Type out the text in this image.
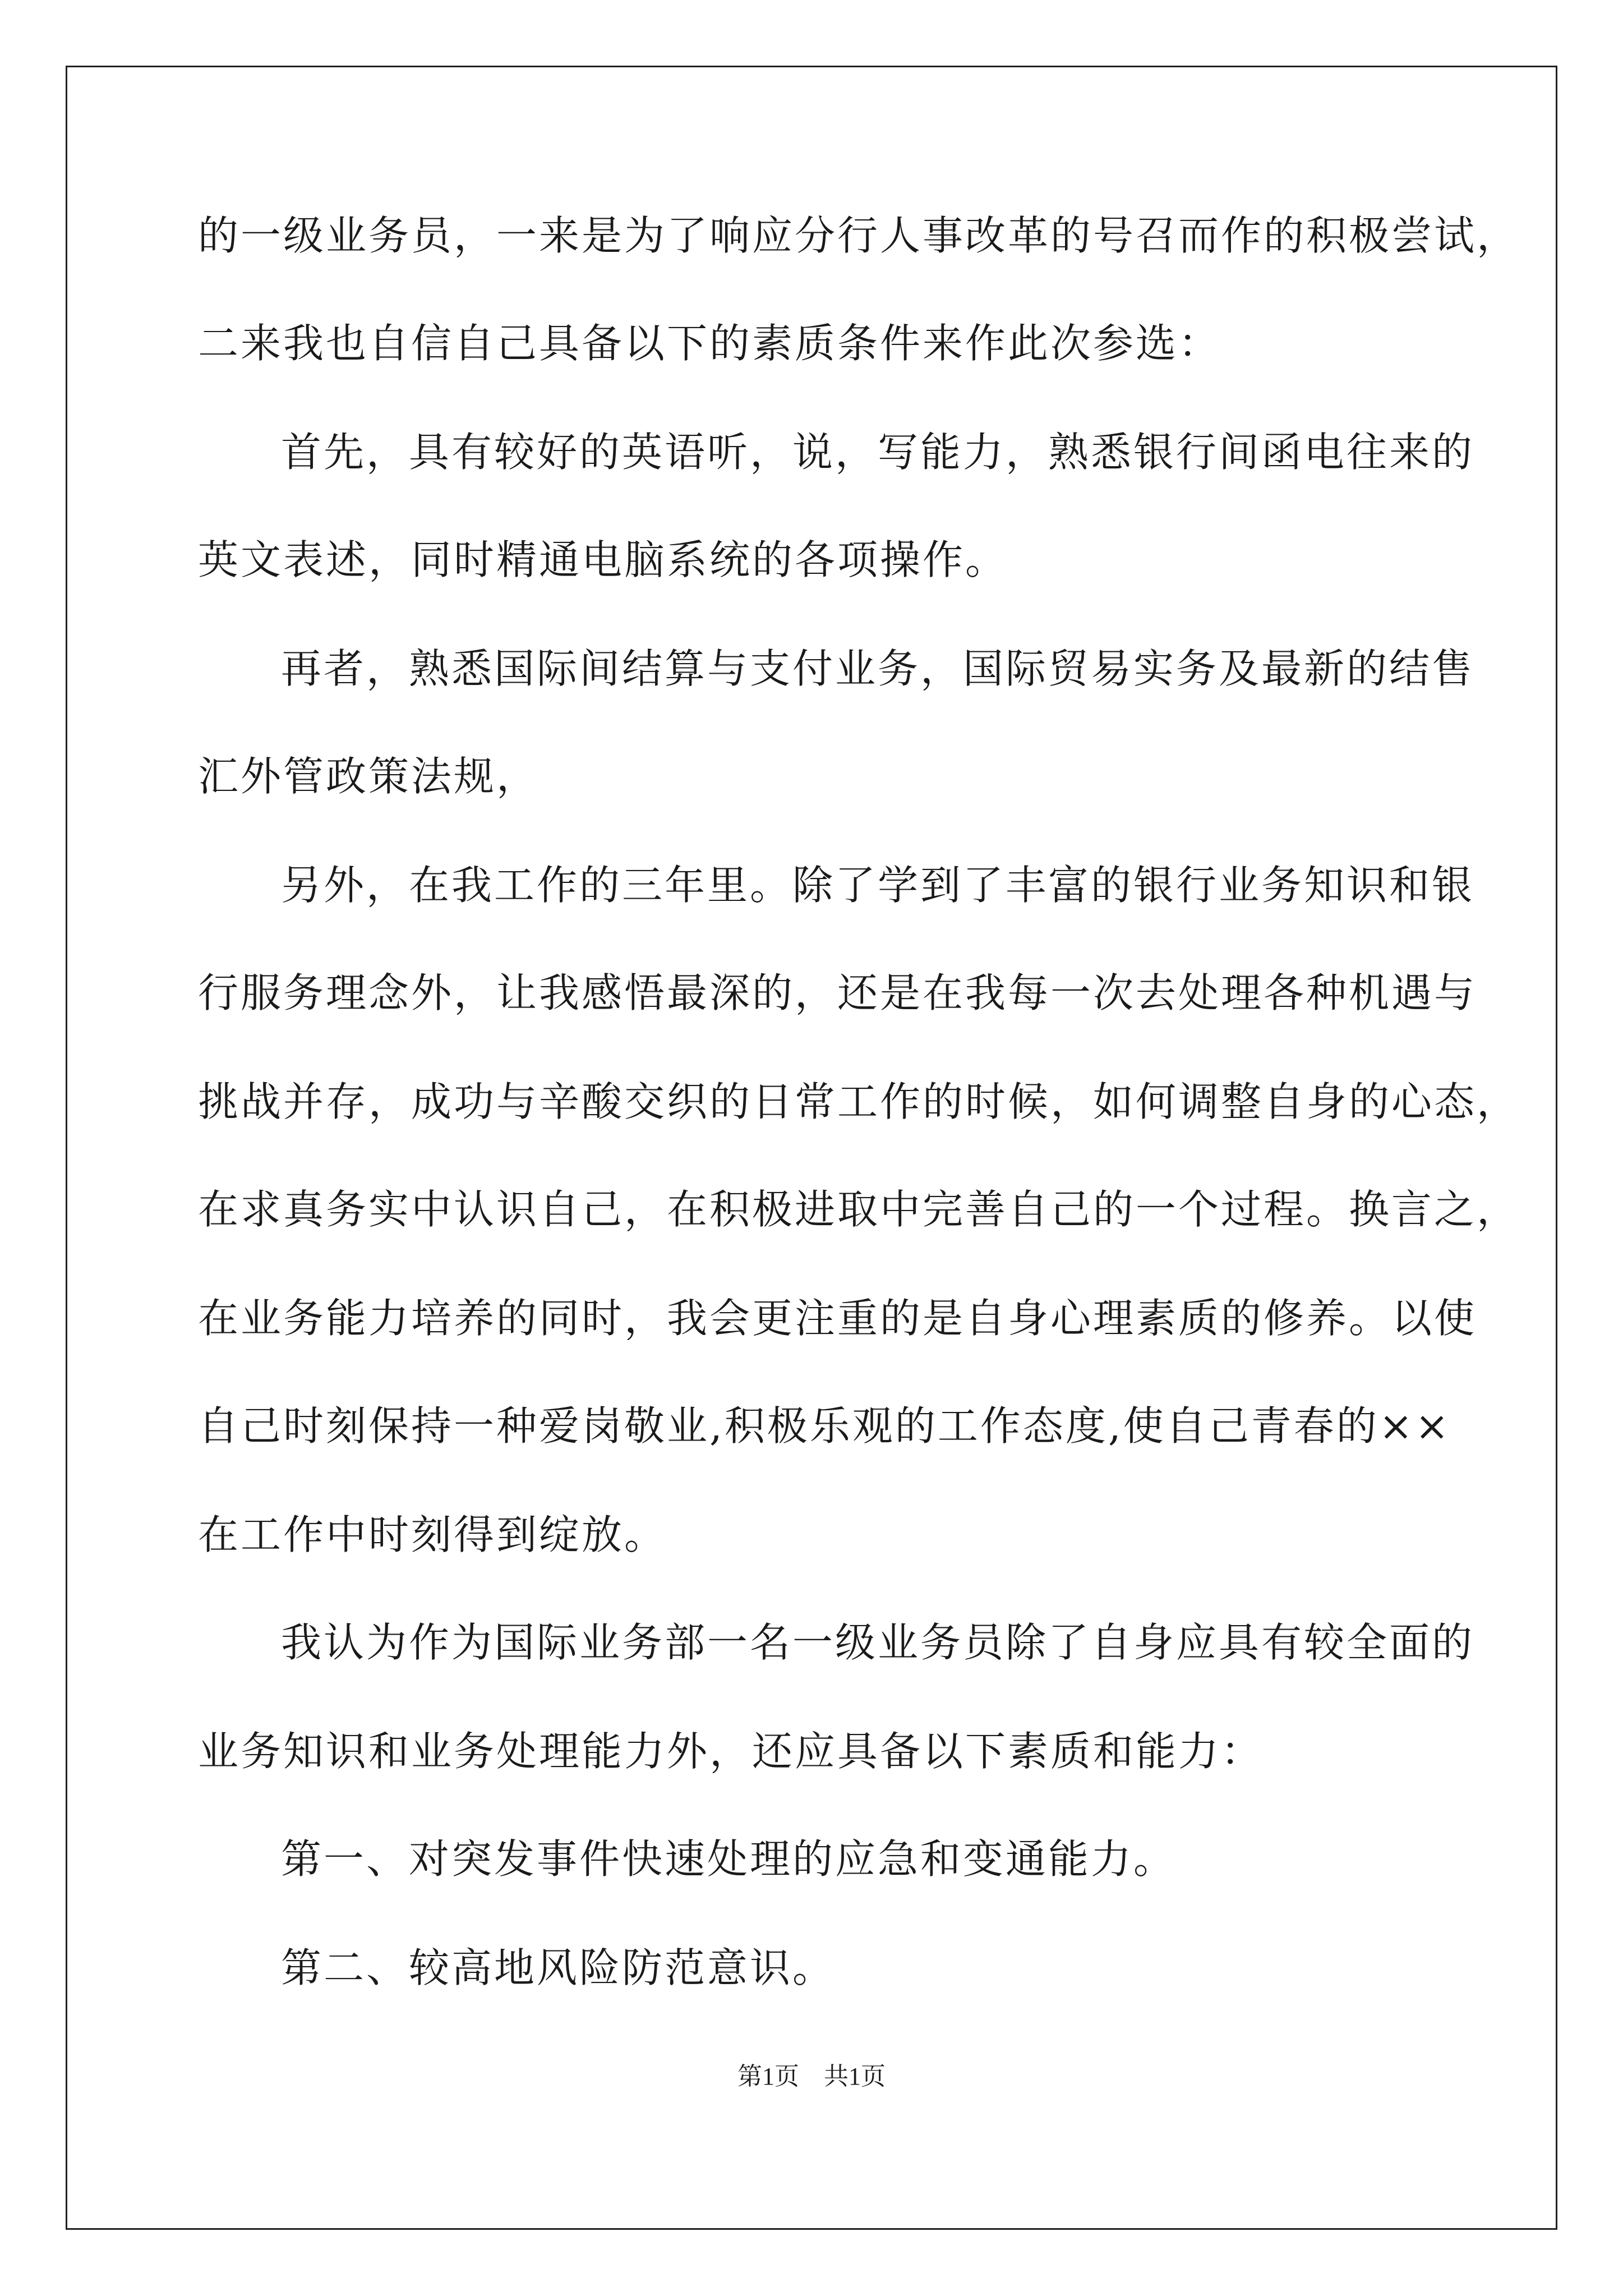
的一级业务员，一来是为了响应分行人事改革的号召而作的积极尝试，
二来我也自信自己具备以下的素质条件来作此次参选：
首先，具有较好的英语听，说，写能力，熟悉银行间函电往来的
英文表述，同时精通电脑系统的各项操作。
再者，熟悉国际间结算与支付业务，国际贸易实务及最新的结售
汇外管政策法规，
另外，在我工作的三年里。除了学到了丰富的银行业务知识和银
行服务理念外，让我感悟最深的，还是在我每一次去处理各种机遇与
挑战并存，成功与辛酸交织的日常工作的时候，如何调整自身的心态，
在求真务实中认识自己，在积极进取中完善自己的一个过程。换言之，
在业务能力培养的同时，我会更注重的是自身心理素质的修养。以使
自己时刻保持一种爱岗敬业,积极乐观的工作态度,使自己青春的××
在工作中时刻得到绽放。
我认为作为国际业务部一名一级业务员除了自身应具有较全面的
业务知识和业务处理能力外，还应具备以下素质和能力：
第一、对突发事件快速处理的应急和变通能力。
第二、较高地风险防范意识。
第1页　共1页
